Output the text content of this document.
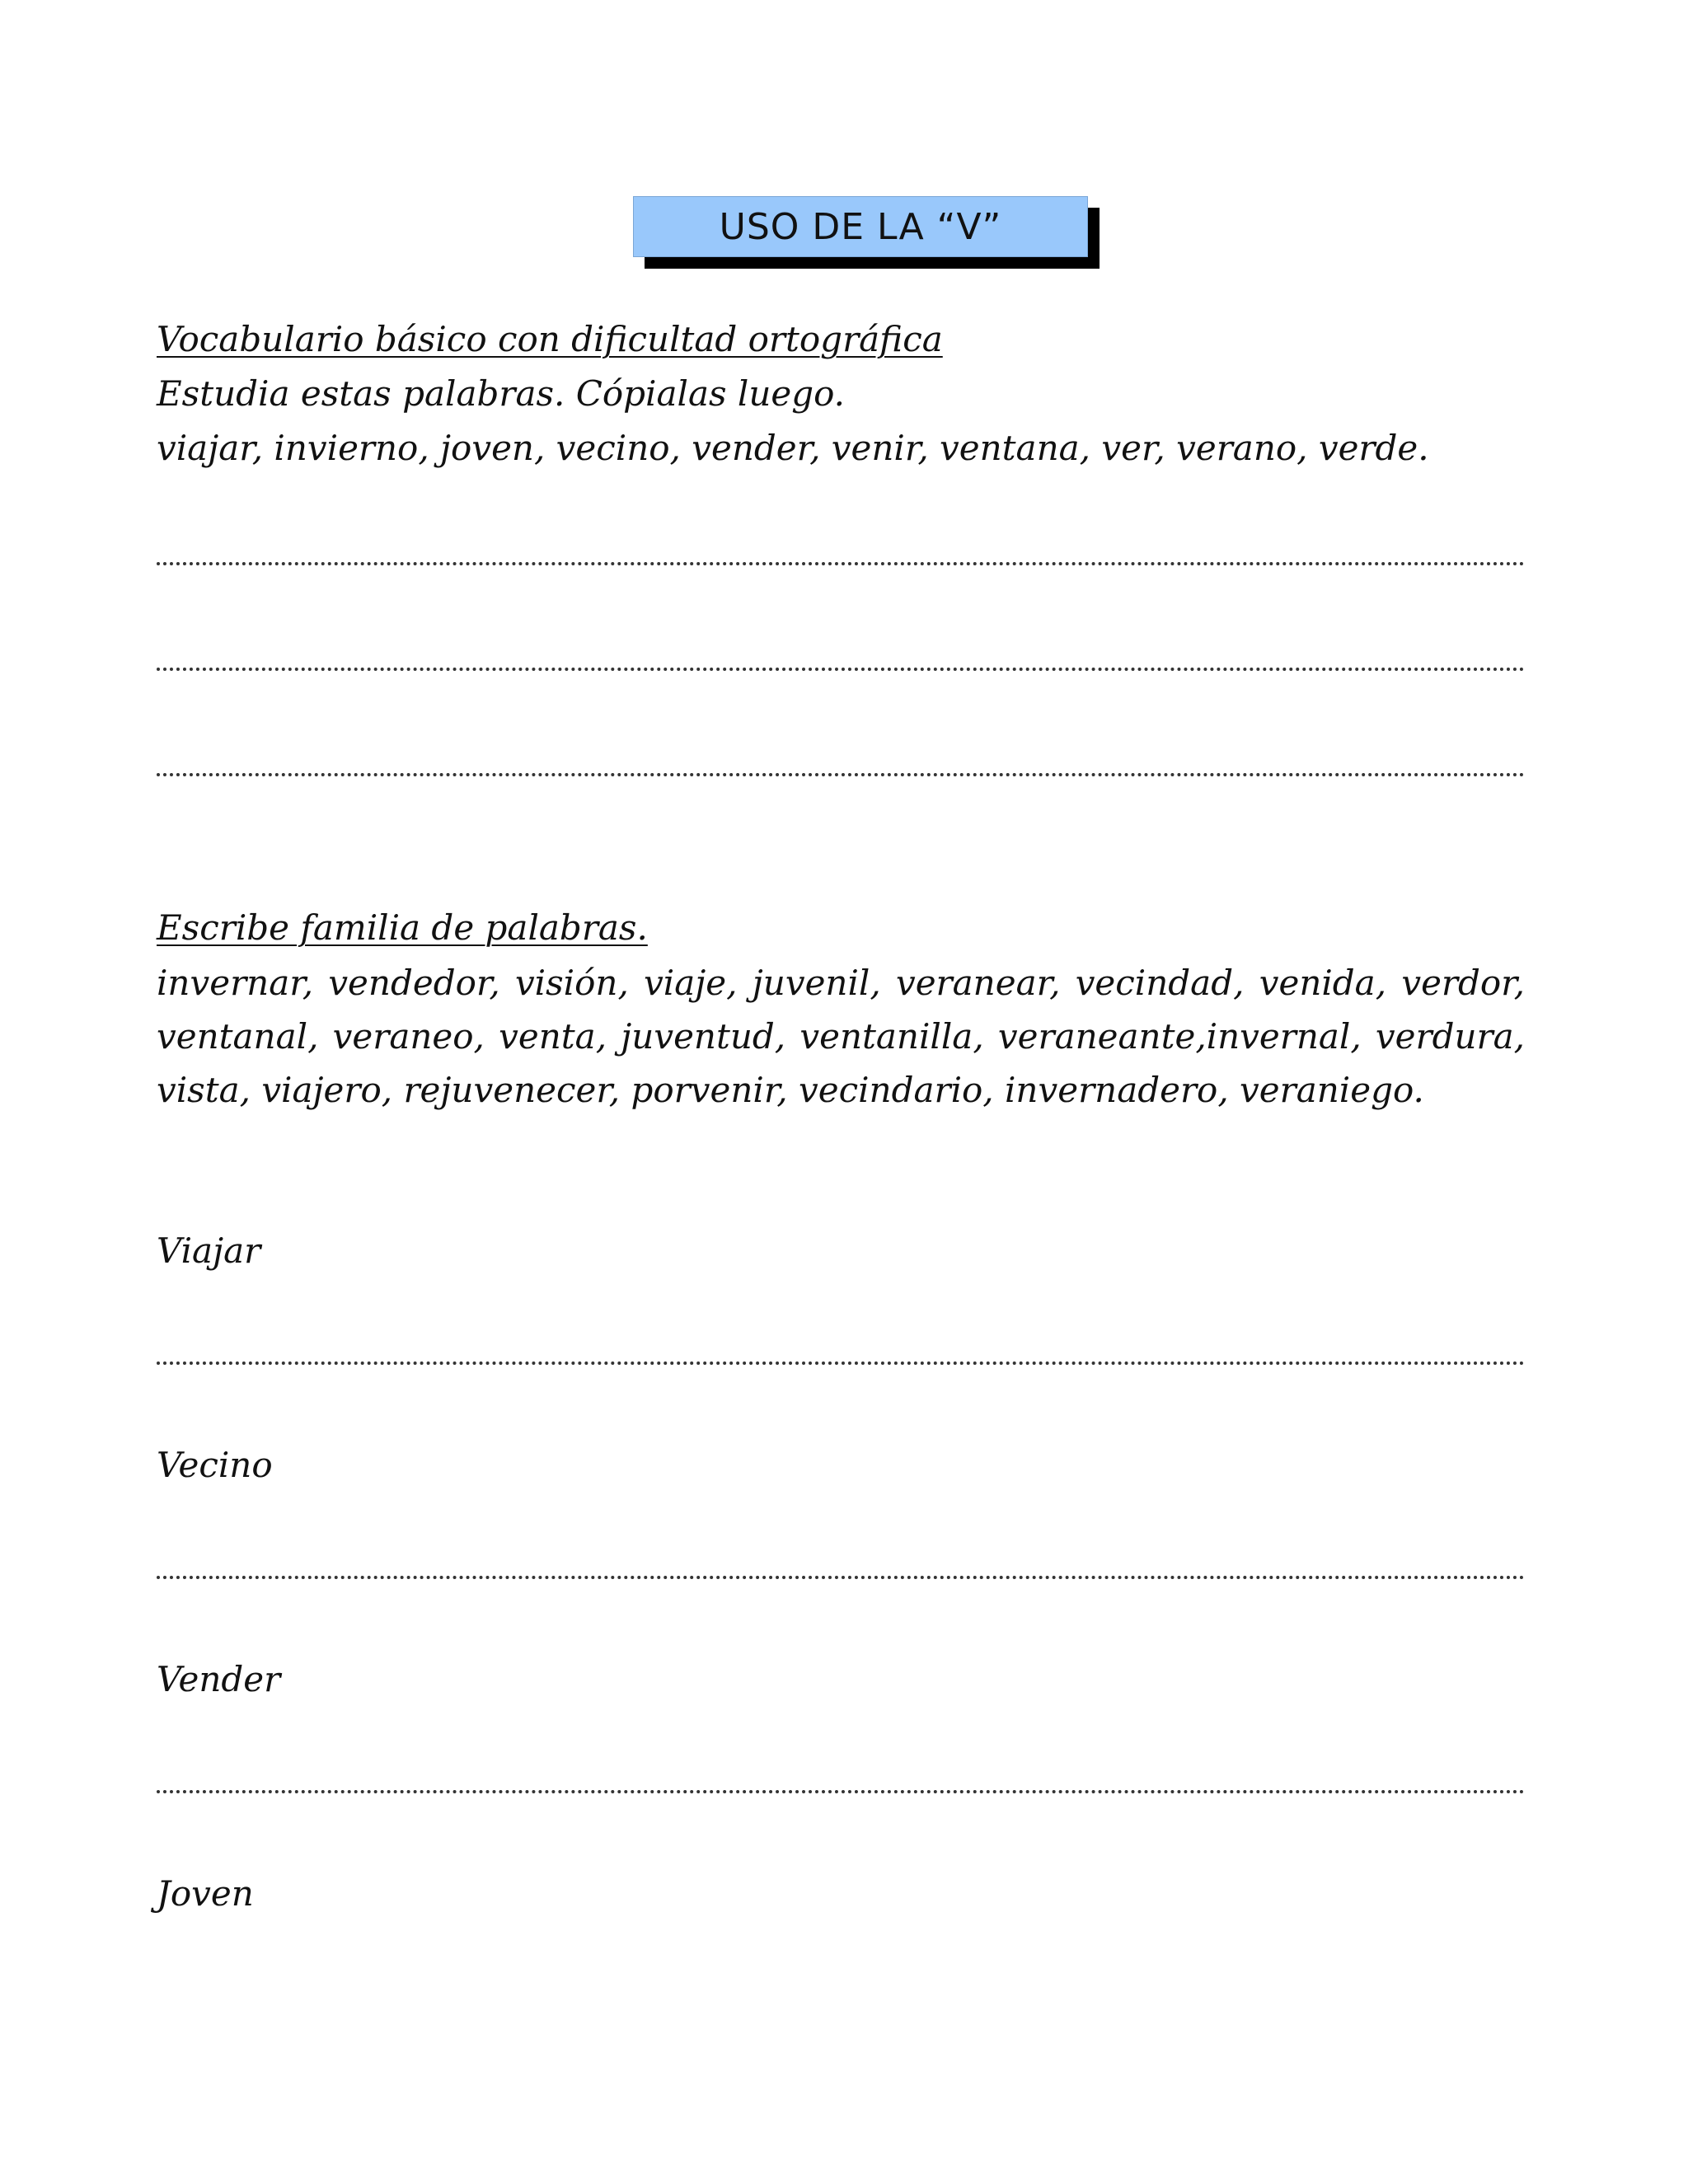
USO DE LA “V”
Vocabulario básico con dificultad ortográfica
Estudia estas palabras. Cópialas luego.
viajar, invierno, joven, vecino, vender, venir, ventana, ver, verano, verde.
Escribe familia de palabras.
invernar, vendedor, visión, viaje, juvenil, veranear, vecindad, venida, verdor, ventanal, veraneo, venta, juventud, ventanilla, veraneante,invernal, verdura, vista, viajero, rejuvenecer, porvenir, vecindario, invernadero, veraniego.
Viajar
Vecino
Vender
Joven
